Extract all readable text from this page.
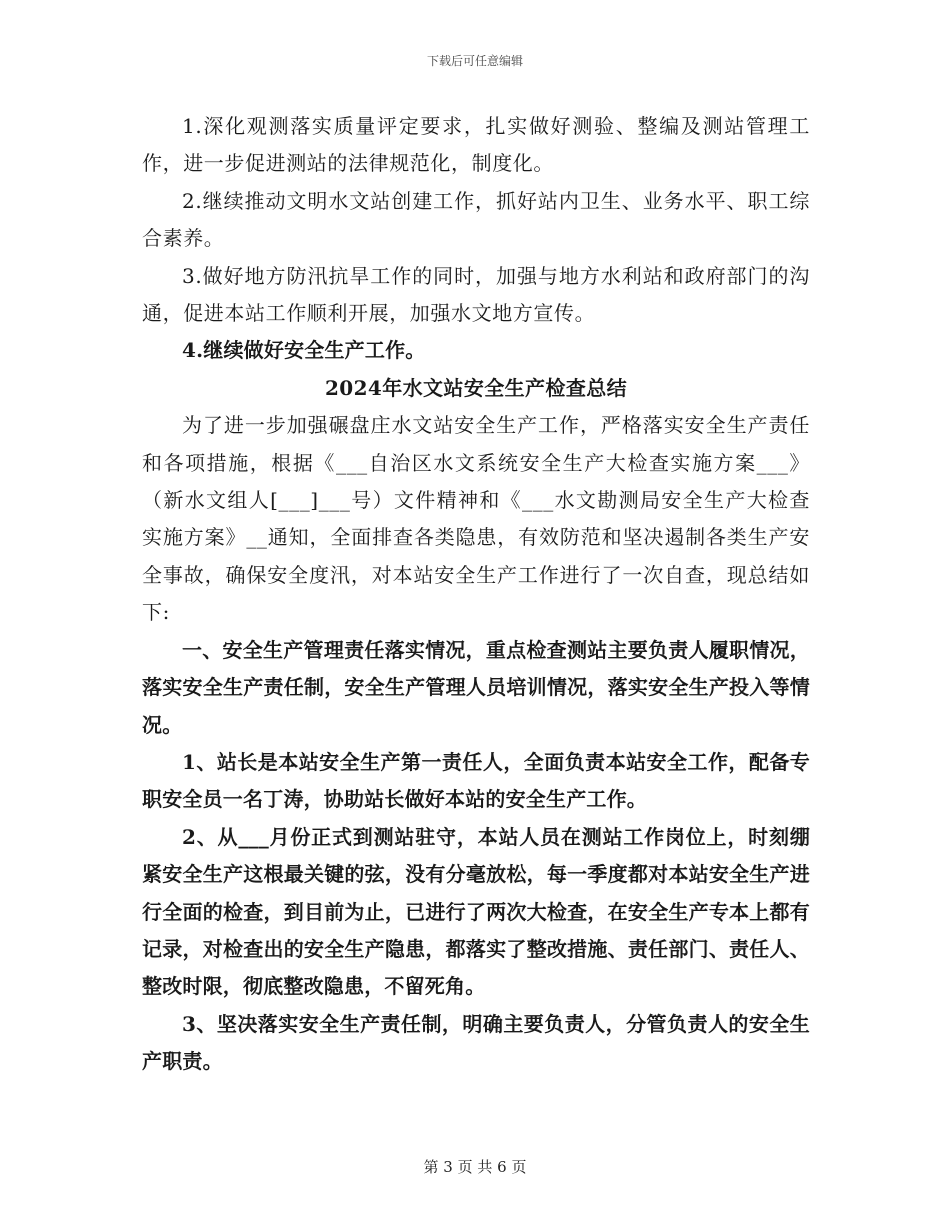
下载后可任意编辑

1.深化观测落实质量评定要求，扎实做好测验、整编及测站管理工作，进一步促进测站的法律规范化，制度化。

2.继续推动文明水文站创建工作，抓好站内卫生、业务水平、职工综合素养。

3.做好地方防汛抗旱工作的同时，加强与地方水利站和政府部门的沟通，促进本站工作顺利开展，加强水文地方宣传。

4.继续做好安全生产工作。

2024年水文站安全生产检查总结

为了进一步加强碾盘庄水文站安全生产工作，严格落实安全生产责任和各项措施，根据《___自治区水文系统安全生产大检查实施方案___》（新水文组人[___]___号）文件精神和《___水文勘测局安全生产大检查实施方案》__通知，全面排查各类隐患，有效防范和坚决遏制各类生产安全事故，确保安全度汛，对本站安全生产工作进行了一次自查，现总结如下:

一、安全生产管理责任落实情况，重点检查测站主要负责人履职情况，落实安全生产责任制，安全生产管理人员培训情况，落实安全生产投入等情况。

1、站长是本站安全生产第一责任人，全面负责本站安全工作，配备专职安全员一名丁涛，协助站长做好本站的安全生产工作。

2、从___月份正式到测站驻守，本站人员在测站工作岗位上，时刻绷紧安全生产这根最关键的弦，没有分毫放松，每一季度都对本站安全生产进行全面的检查，到目前为止，已进行了两次大检查，在安全生产专本上都有记录，对检查出的安全生产隐患，都落实了整改措施、责任部门、责任人、整改时限，彻底整改隐患，不留死角。

3、坚决落实安全生产责任制，明确主要负责人，分管负责人的安全生产职责。

第 3 页 共 6 页
